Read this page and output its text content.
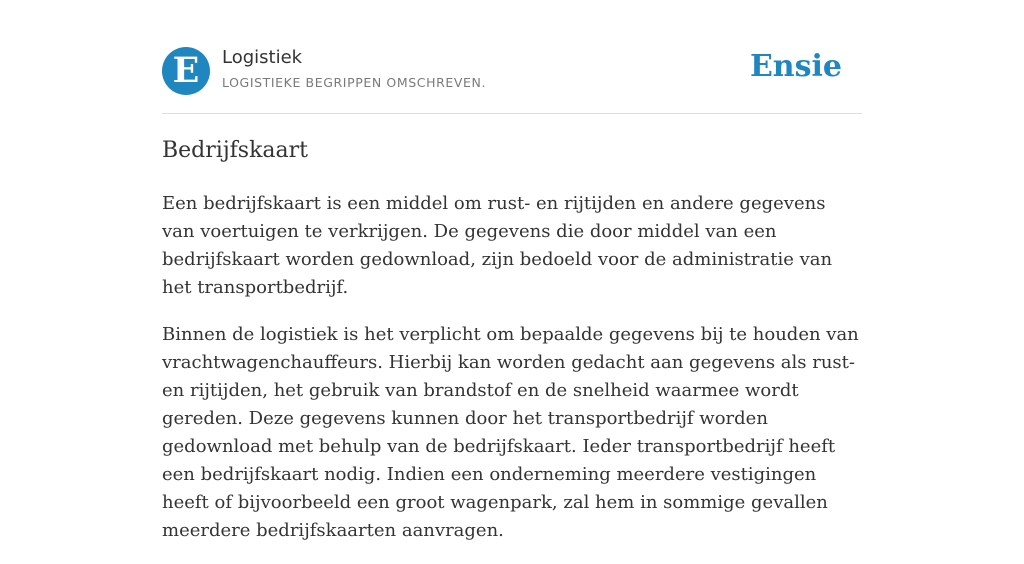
E	Logistiek
LOGISTIEKE BEGRIPPEN OMSCHREVEN.	Ensie
Bedrijfskaart

Een bedrijfskaart is een middel om rust- en rijtijden en andere gegevens van voertuigen te verkrijgen. De gegevens die door middel van een bedrijfskaart worden gedownload, zijn bedoeld voor de administratie van het transportbedrijf.

Binnen de logistiek is het verplicht om bepaalde gegevens bij te houden van vrachtwagenchauffeurs. Hierbij kan worden gedacht aan gegevens als rust- en rijtijden, het gebruik van brandstof en de snelheid waarmee wordt gereden. Deze gegevens kunnen door het transportbedrijf worden gedownload met behulp van de bedrijfskaart. Ieder transportbedrijf heeft een bedrijfskaart nodig. Indien een onderneming meerdere vestigingen heeft of bijvoorbeeld een groot wagenpark, zal hem in sommige gevallen meerdere bedrijfskaarten aanvragen.
